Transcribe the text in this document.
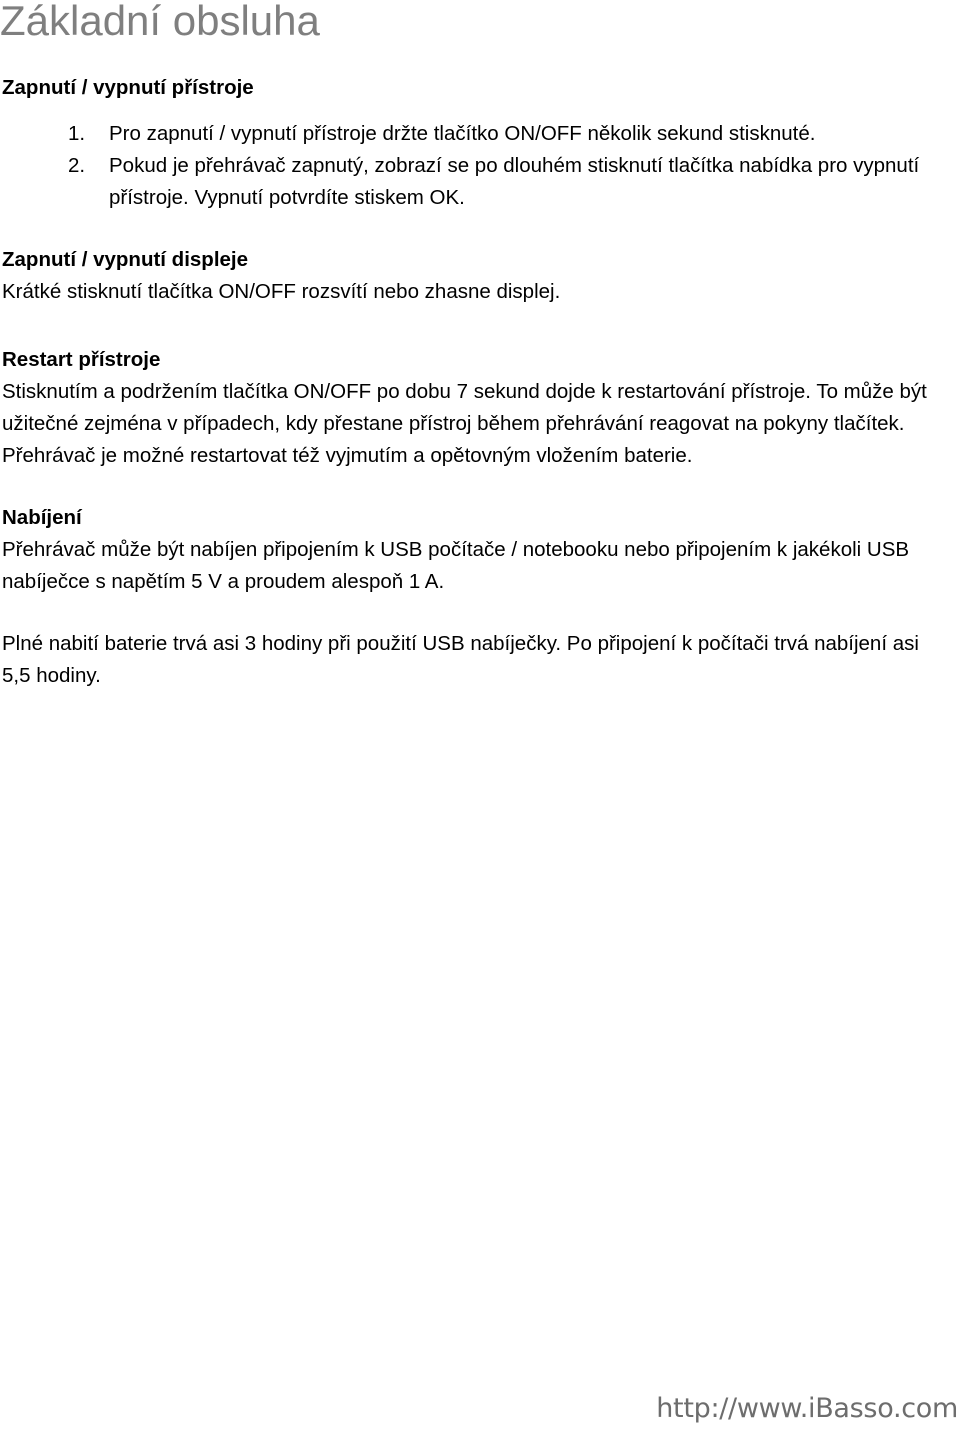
Základní obsluha
Zapnutí / vypnutí přístroje
1. Pro zapnutí / vypnutí přístroje držte tlačítko ON/OFF několik sekund stisknuté.
2. Pokud je přehrávač zapnutý, zobrazí se po dlouhém stisknutí tlačítka nabídka pro vypnutí přístroje. Vypnutí potvrdíte stiskem OK.
Zapnutí / vypnutí displeje

Krátké stisknutí tlačítka ON/OFF rozsvítí nebo zhasne displej.

Restart přístroje

Stisknutím a podržením tlačítka ON/OFF po dobu 7 sekund dojde k restartování přístroje. To může být užitečné zejména v případech, kdy přestane přístroj během přehrávání reagovat na pokyny tlačítek. Přehrávač je možné restartovat též vyjmutím a opětovným vložením baterie.

Nabíjení

Přehrávač může být nabíjen připojením k USB počítače / notebooku nebo připojením k jakékoli USB nabíječce s napětím 5 V a proudem alespoň 1 A.

Plné nabití baterie trvá asi 3 hodiny při použití USB nabíječky. Po připojení k počítači trvá nabíjení asi 5,5 hodiny.

http://www.iBasso.com
